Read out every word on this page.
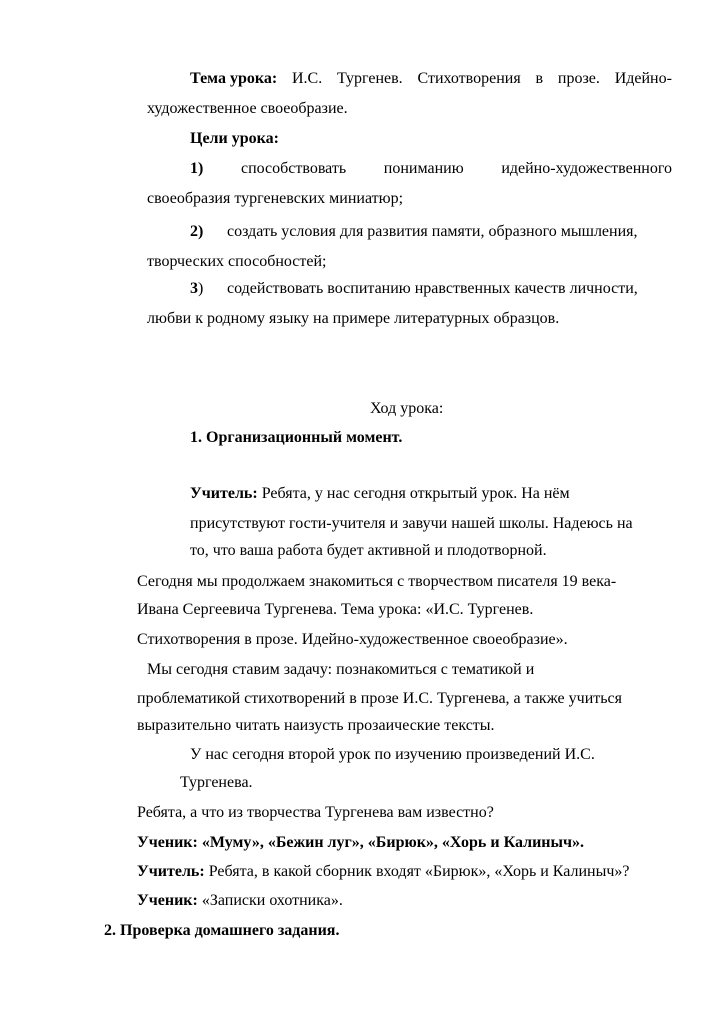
Тема урока: И.С. Тургенев. Стихотворения в прозе. Идейно-
художественное своеобразие.
Цели урока:
1) способствовать пониманию идейно-художественного
своеобразия тургеневских миниатюр;
2) создать условия для развития памяти, образного мышления,
творческих способностей;
3) содействовать воспитанию нравственных качеств личности,
любви к родному языку на примере литературных образцов.
Ход урока:
1. Организационный момент.
Учитель: Ребята, у нас сегодня открытый урок. На нём
присутствуют гости-учителя и завучи нашей школы. Надеюсь на
то, что ваша работа будет активной и плодотворной.
Сегодня мы продолжаем знакомиться с творчеством писателя 19 века-
Ивана Сергеевича Тургенева. Тема урока: «И.С. Тургенев.
Стихотворения в прозе. Идейно-художественное своеобразие».
Мы сегодня ставим задачу: познакомиться с тематикой и
проблематикой стихотворений в прозе И.С. Тургенева, а также учиться
выразительно читать наизусть прозаические тексты.
У нас сегодня второй урок по изучению произведений И.С.
Тургенева.
Ребята, а что из творчества Тургенева вам известно?
Ученик: «Муму», «Бежин луг», «Бирюк», «Хорь и Калиныч».
Учитель: Ребята, в какой сборник входят «Бирюк», «Хорь и Калиныч»?
Ученик: «Записки охотника».
2. Проверка домашнего задания.
